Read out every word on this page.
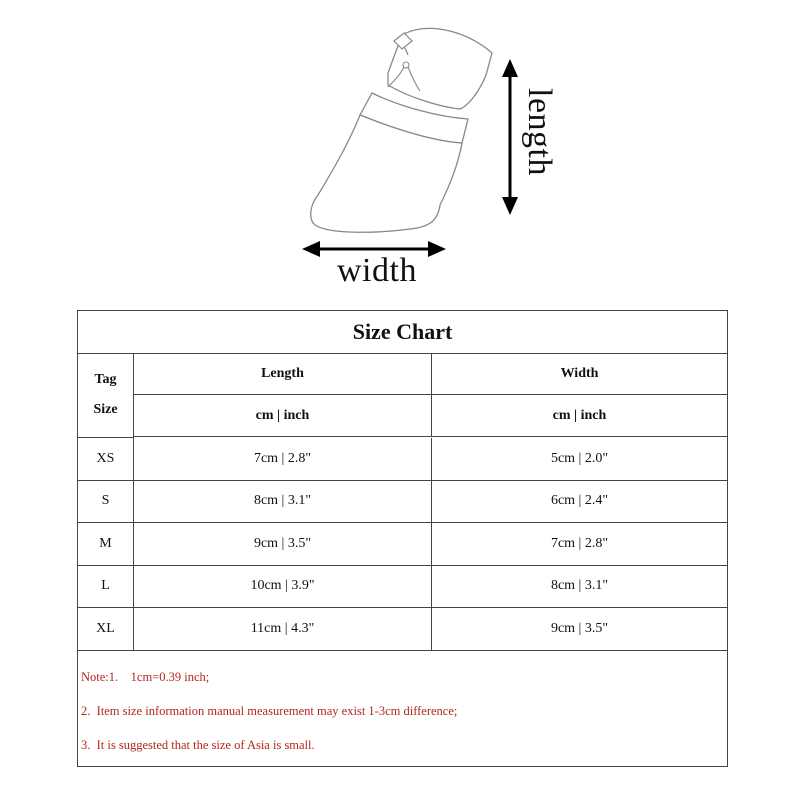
width
length
Size Chart
Tag
Size
Length	Width
cm | inch	cm | inch
XS	7cm | 2.8"	5cm | 2.0"
S	8cm | 3.1"	6cm | 2.4"
M	9cm | 3.5"	7cm | 2.8"
L	10cm | 3.9"	8cm | 3.1"
XL	11cm | 4.3"	9cm | 3.5"
Note:1.    1cm=0.39 inch;
2.  Item size information manual measurement may exist 1-3cm difference;
3.  It is suggested that the size of Asia is small.
